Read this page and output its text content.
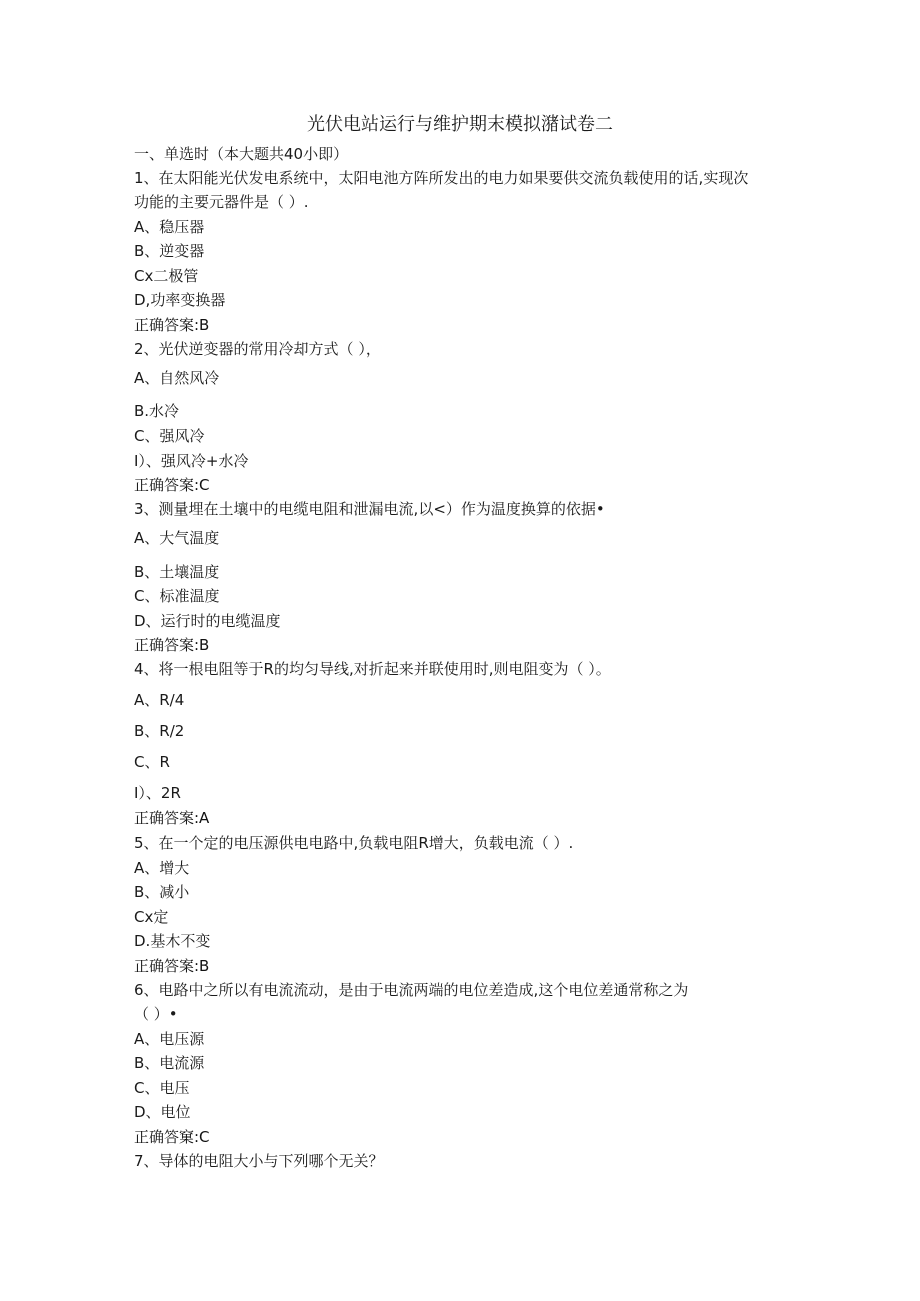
光伏电站运行与维护期末模拟潴试卷二
一、单选时（本大题共40小即）
1、在太阳能光伏发电系统中，太阳电池方阵所发出的电力如果要供交流负载使用的话,实现次
功能的主要元器件是（ ）.
A、稳压器
B、逆变器
Cx二极管
D,功率变换器
正确答案:B
2、光伏逆变器的常用冷却方式（ ），
A、自然风冷
B.水冷
C、强风冷
I）、强风冷+水冷
正确答案:C
3、测量埋在土壤中的电缆电阻和泄漏电流,以<）作为温度换算的依据•
A、大气温度
B、土壤温度
C、标准温度
D、运行时的电缆温度
正确答案:B
4、将一根电阻等于R的均匀导线,对折起来并联使用时,则电阻变为（ ）。
A、R/4
B、R/2
C、R
I）、2R
正确答案:A
5、在一个定的电压源供电电路中,负载电阻R增大，负载电流（ ）.
A、增大
B、减小
Cx定
D.基木不变
正确答案:B
6、电路中之所以有电流流动，是由于电流两端的电位差造成,这个电位差通常称之为
（ ）•
A、电压源
B、电流源
C、电压
D、电位
正确答窠:C
7、导体的电阻大小与下列哪个无关？
